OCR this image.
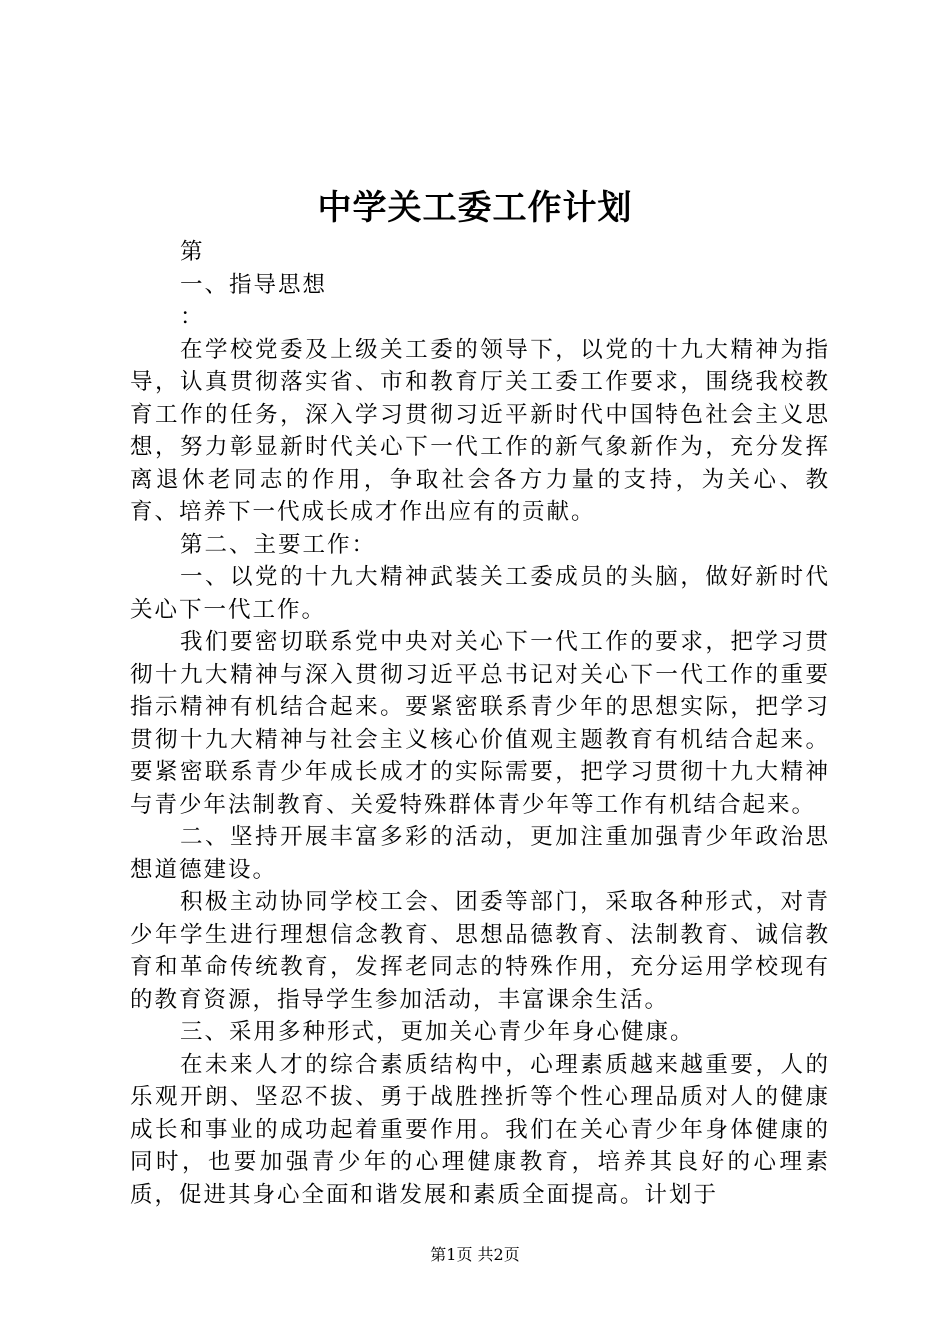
中学关工委工作计划

第

一、指导思想

：

在学校党委及上级关工委的领导下，以党的十九大精神为指导，认真贯彻落实省、市和教育厅关工委工作要求，围绕我校教育工作的任务，深入学习贯彻习近平新时代中国特色社会主义思想，努力彰显新时代关心下一代工作的新气象新作为，充分发挥离退休老同志的作用，争取社会各方力量的支持，为关心、教育、培养下一代成长成才作出应有的贡献。

第二、主要工作：

一、以党的十九大精神武装关工委成员的头脑，做好新时代关心下一代工作。

我们要密切联系党中央对关心下一代工作的要求，把学习贯彻十九大精神与深入贯彻习近平总书记对关心下一代工作的重要指示精神有机结合起来。要紧密联系青少年的思想实际，把学习贯彻十九大精神与社会主义核心价值观主题教育有机结合起来。要紧密联系青少年成长成才的实际需要，把学习贯彻十九大精神与青少年法制教育、关爱特殊群体青少年等工作有机结合起来。

二、坚持开展丰富多彩的活动，更加注重加强青少年政治思想道德建设。

积极主动协同学校工会、团委等部门，采取各种形式，对青少年学生进行理想信念教育、思想品德教育、法制教育、诚信教育和革命传统教育，发挥老同志的特殊作用，充分运用学校现有的教育资源，指导学生参加活动，丰富课余生活。

三、采用多种形式，更加关心青少年身心健康。

在未来人才的综合素质结构中，心理素质越来越重要，人的乐观开朗、坚忍不拔、勇于战胜挫折等个性心理品质对人的健康成长和事业的成功起着重要作用。我们在关心青少年身体健康的同时，也要加强青少年的心理健康教育，培养其良好的心理素质，促进其身心全面和谐发展和素质全面提高。计划于

第1页 共2页
